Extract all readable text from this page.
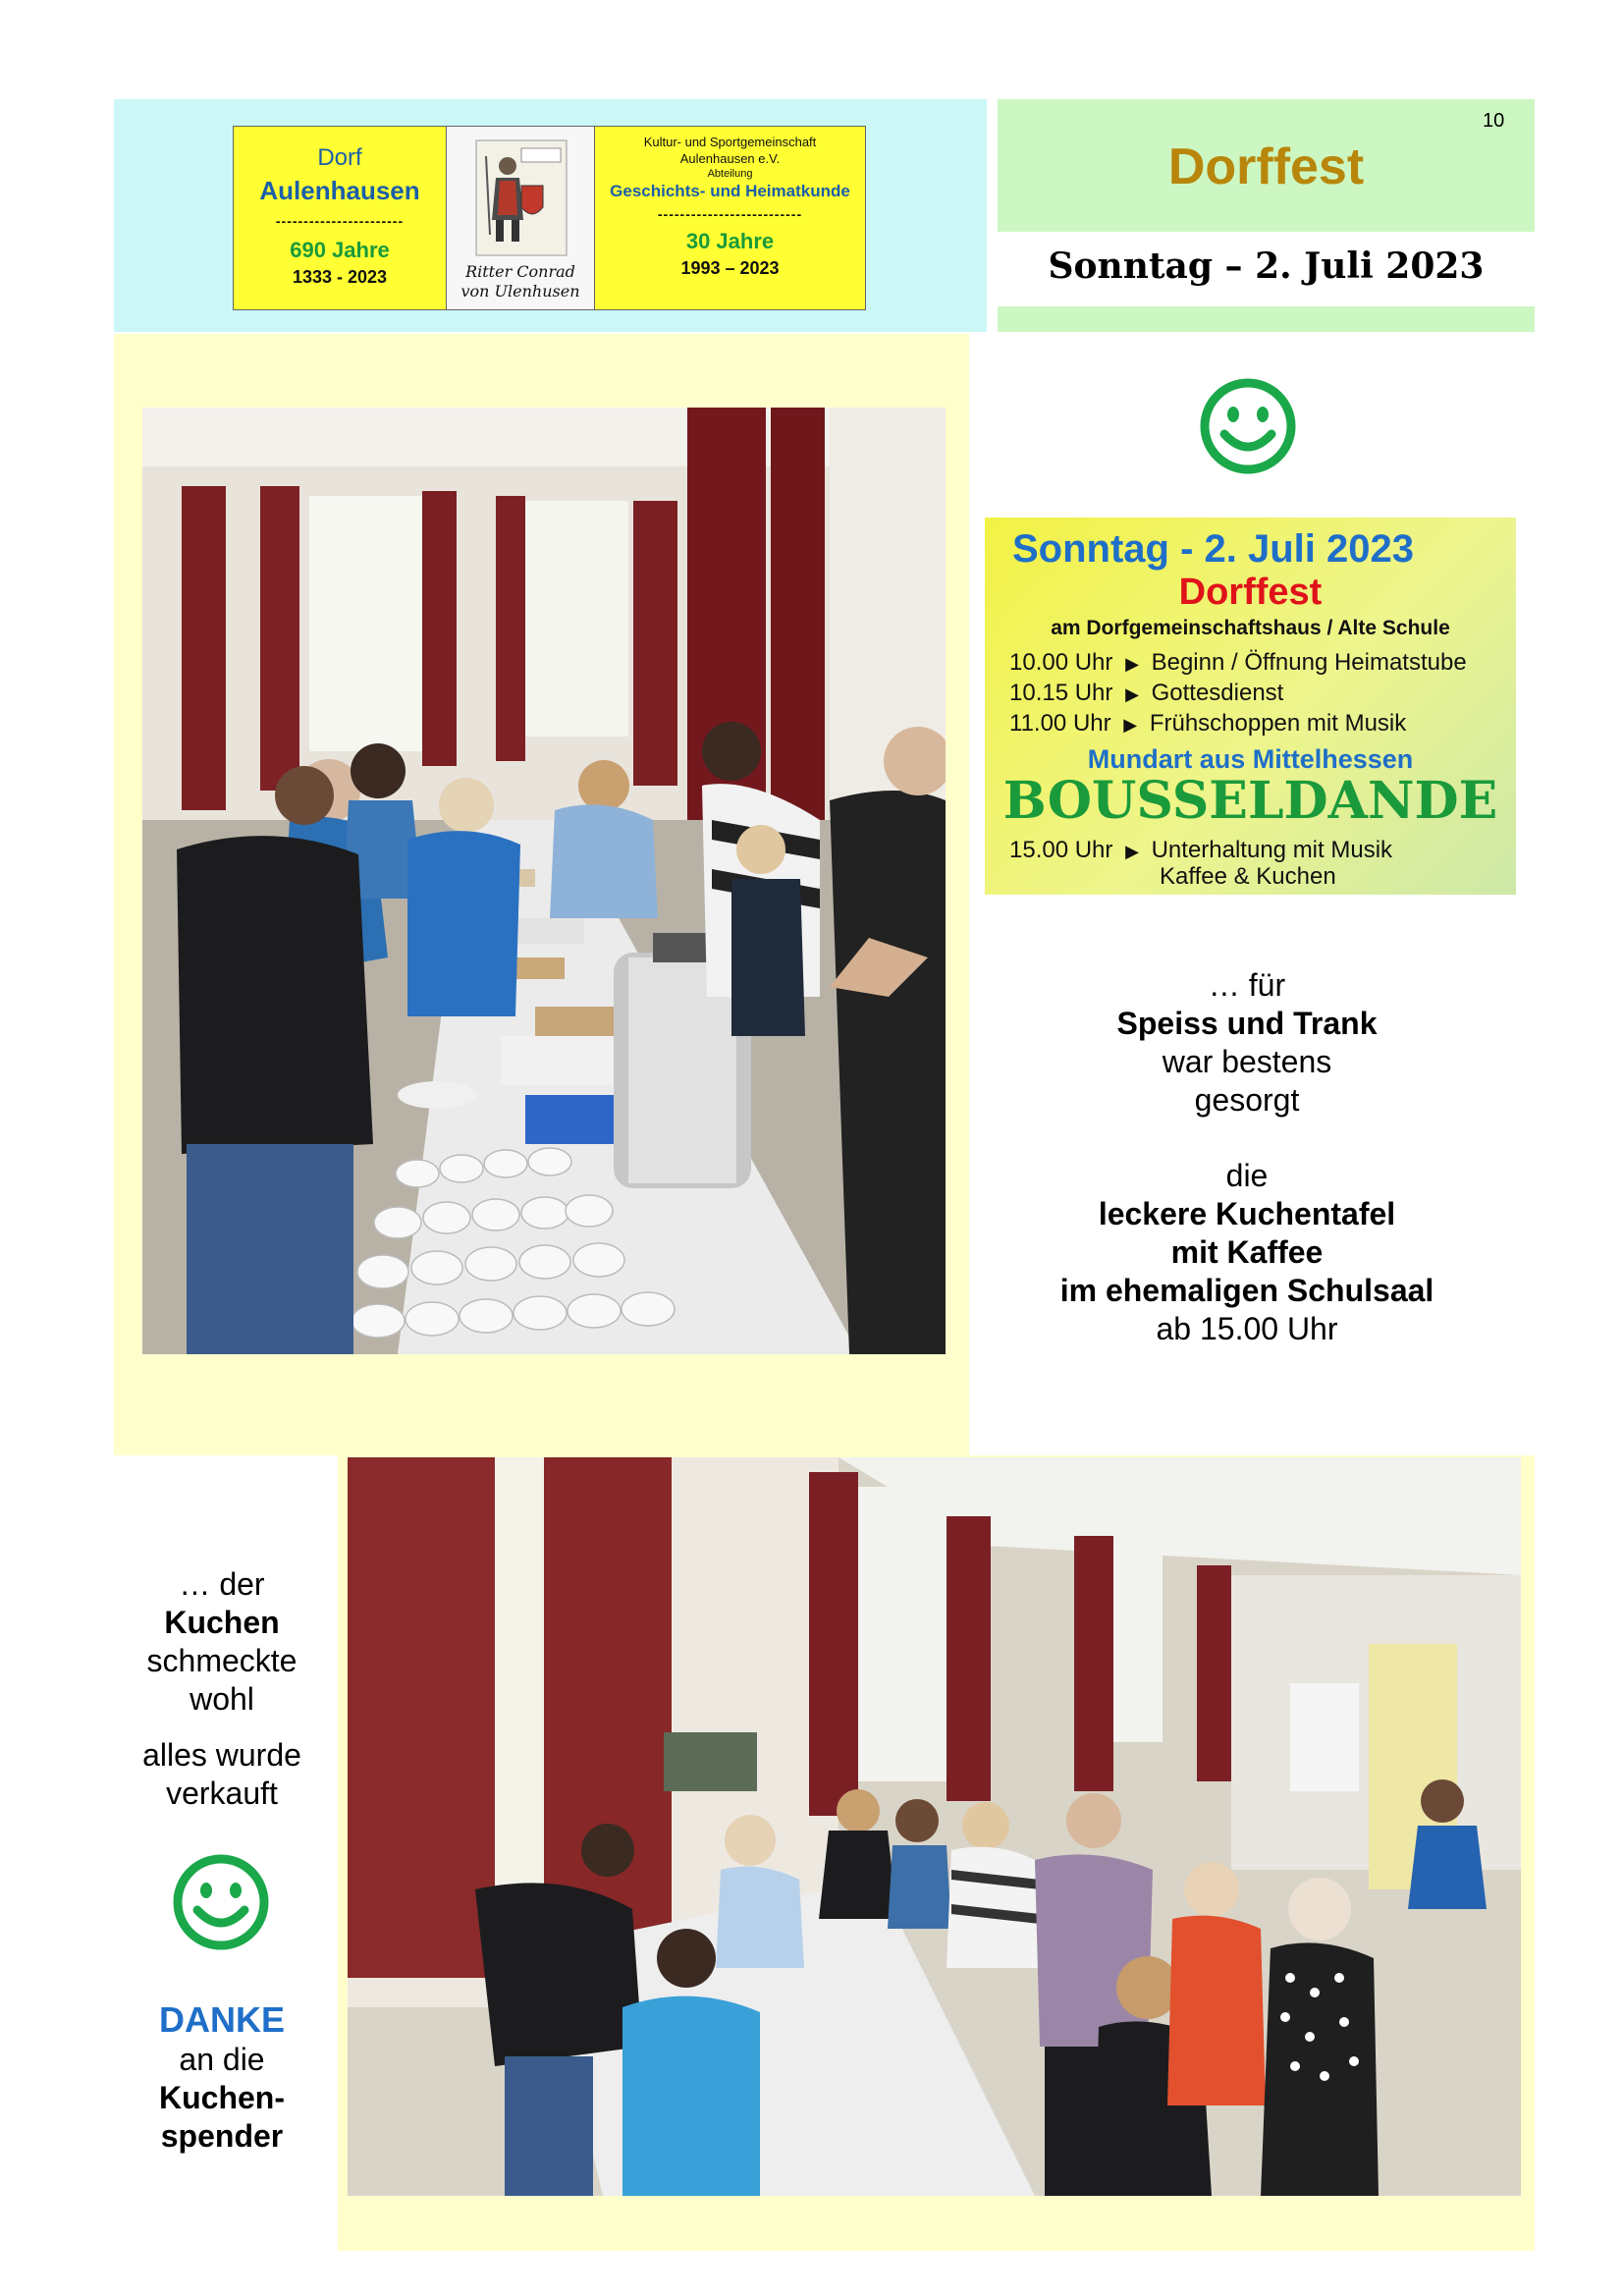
Dorf
Aulenhausen
-----------------------
690 Jahre
1333 - 2023	Ritter Conrad
von Ulenhusen
Kultur- und Sportgemeinschaft
Aulenhausen e.V.
Abteilung
Geschichts- und Heimatkunde
--------------------------
30 Jahre
1993 – 2023
10
Dorffest
Sonntag – 2. Juli 2023
Sonntag - 2. Juli 2023
Dorffest
am Dorfgemeinschaftshaus / Alte Schule
10.00 Uhr ▶ Beginn / Öffnung Heimatstube
10.15 Uhr ▶ Gottesdienst
11.00 Uhr ▶ Frühschoppen mit Musik
Mundart aus Mittelhessen
BOUSSELDANDE
15.00 Uhr ▶ Unterhaltung mit Musik
Kaffee & Kuchen
… für
Speiss und Trank
war bestens
gesorgt
die
leckere Kuchentafel
mit Kaffee
im ehemaligen Schulsaal
ab 15.00 Uhr
… der
Kuchen
schmeckte
wohl
alles wurde
verkauft
DANKE
an die
Kuchen-
spender
